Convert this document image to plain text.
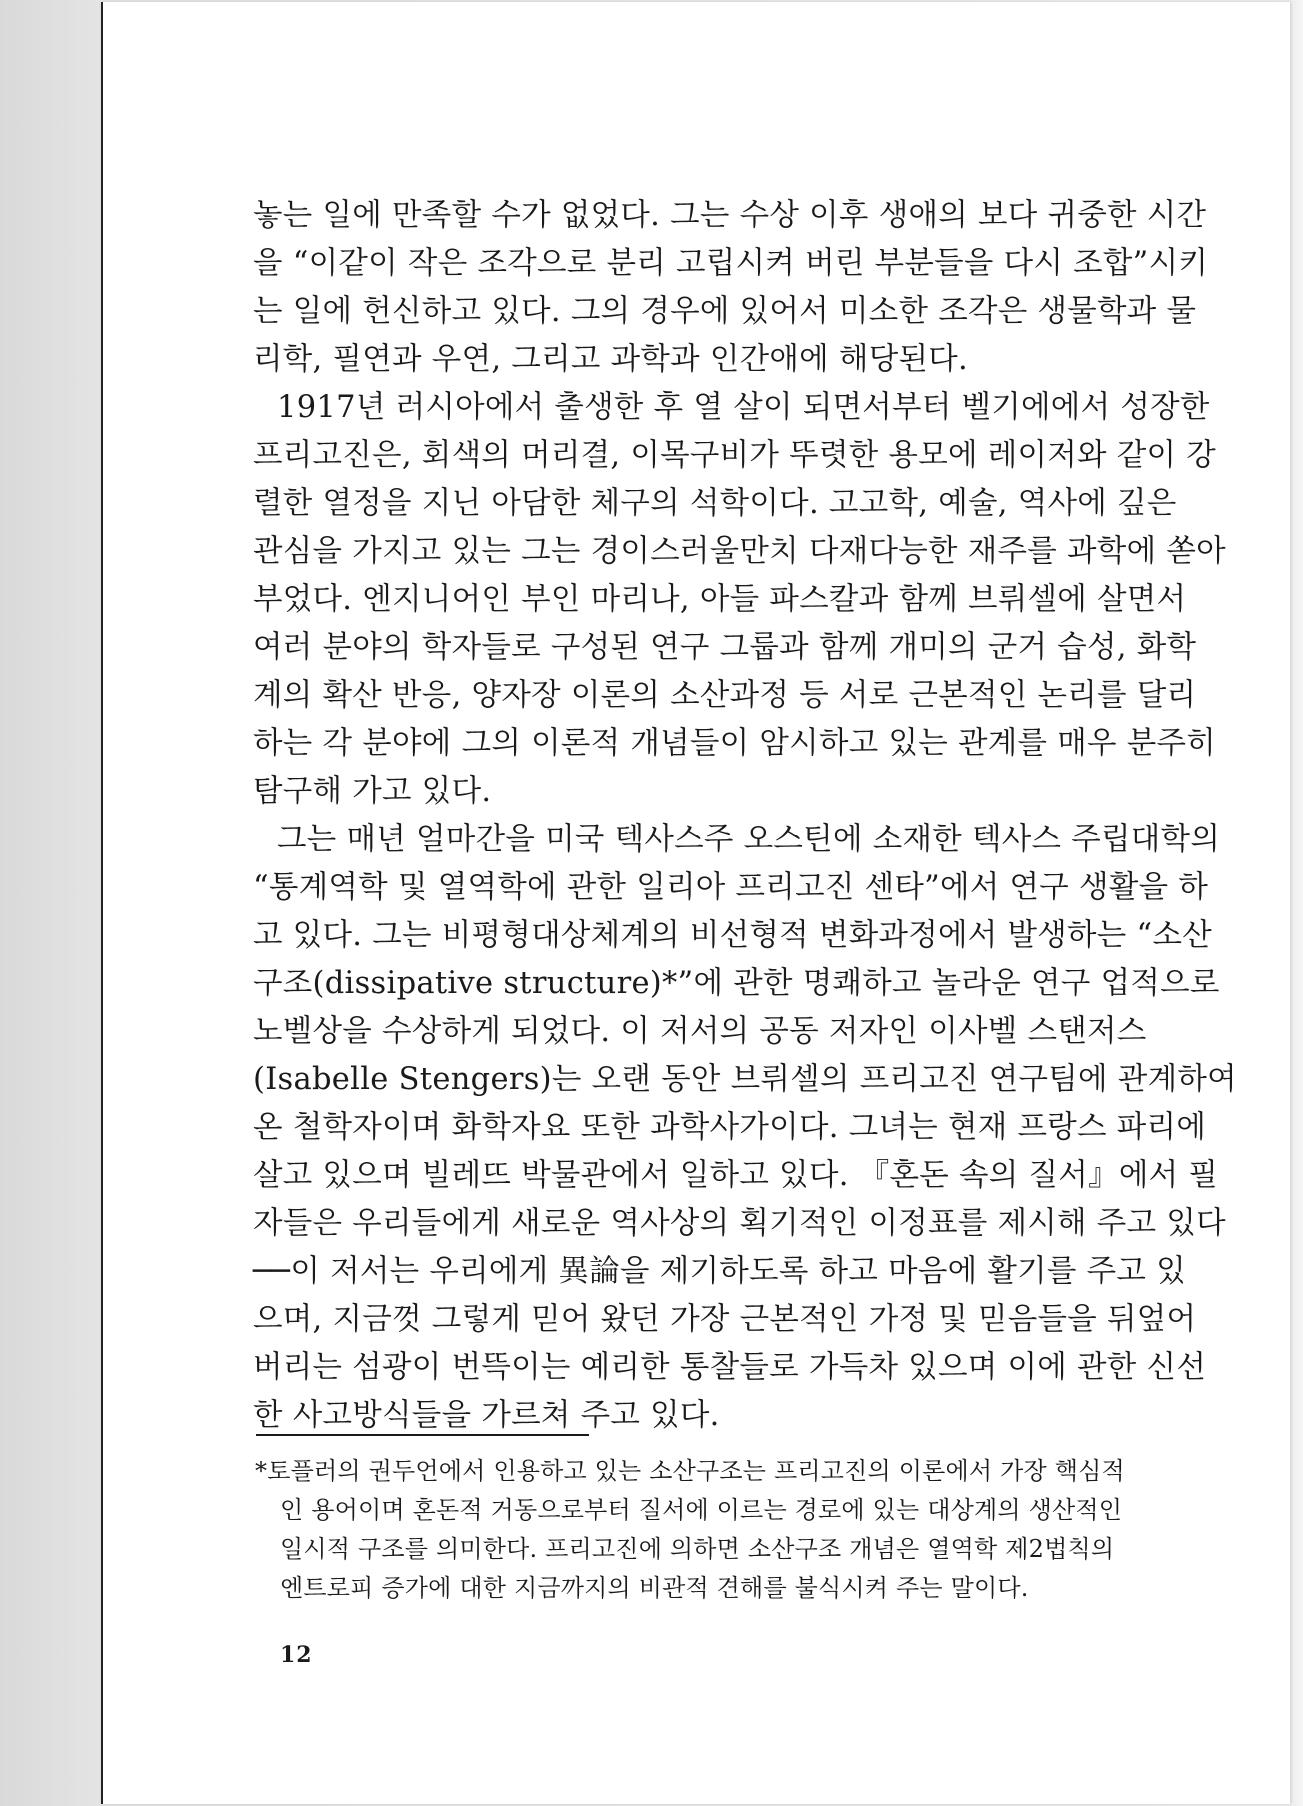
놓는 일에 만족할 수가 없었다. 그는 수상 이후 생애의 보다 귀중한 시간
을 “이같이 작은 조각으로 분리 고립시켜 버린 부분들을 다시 조합”시키
는 일에 헌신하고 있다. 그의 경우에 있어서 미소한 조각은 생물학과 물
리학, 필연과 우연, 그리고 과학과 인간애에 해당된다.
1917년 러시아에서 출생한 후 열 살이 되면서부터 벨기에에서 성장한
프리고진은, 회색의 머리결, 이목구비가 뚜렷한 용모에 레이저와 같이 강
렬한 열정을 지닌 아담한 체구의 석학이다. 고고학, 예술, 역사에 깊은
관심을 가지고 있는 그는 경이스러울만치 다재다능한 재주를 과학에 쏟아
부었다. 엔지니어인 부인 마리나, 아들 파스칼과 함께 브뤼셀에 살면서
여러 분야의 학자들로 구성된 연구 그룹과 함께 개미의 군거 습성, 화학
계의 확산 반응, 양자장 이론의 소산과정 등 서로 근본적인 논리를 달리
하는 각 분야에 그의 이론적 개념들이 암시하고 있는 관계를 매우 분주히
탐구해 가고 있다.
그는 매년 얼마간을 미국 텍사스주 오스틴에 소재한 텍사스 주립대학의
“통계역학 및 열역학에 관한 일리아 프리고진 센타”에서 연구 생활을 하
고 있다. 그는 비평형대상체계의 비선형적 변화과정에서 발생하는 “소산
구조(dissipative structure)*”에 관한 명쾌하고 놀라운 연구 업적으로
노벨상을 수상하게 되었다. 이 저서의 공동 저자인 이사벨 스탠저스
(Isabelle Stengers)는 오랜 동안 브뤼셀의 프리고진 연구팀에 관계하여
온 철학자이며 화학자요 또한 과학사가이다. 그녀는 현재 프랑스 파리에
살고 있으며 빌레뜨 박물관에서 일하고 있다. 『혼돈 속의 질서』에서 필
자들은 우리들에게 새로운 역사상의 획기적인 이정표를 제시해 주고 있다
──이 저서는 우리에게 異論을 제기하도록 하고 마음에 활기를 주고 있
으며, 지금껏 그렇게 믿어 왔던 가장 근본적인 가정 및 믿음들을 뒤엎어
버리는 섬광이 번뜩이는 예리한 통찰들로 가득차 있으며 이에 관한 신선
한 사고방식들을 가르쳐 주고 있다.
*토플러의 권두언에서 인용하고 있는 소산구조는 프리고진의 이론에서 가장 핵심적
인 용어이며 혼돈적 거동으로부터 질서에 이르는 경로에 있는 대상계의 생산적인
일시적 구조를 의미한다. 프리고진에 의하면 소산구조 개념은 열역학 제2법칙의
엔트로피 증가에 대한 지금까지의 비관적 견해를 불식시켜 주는 말이다.
12
